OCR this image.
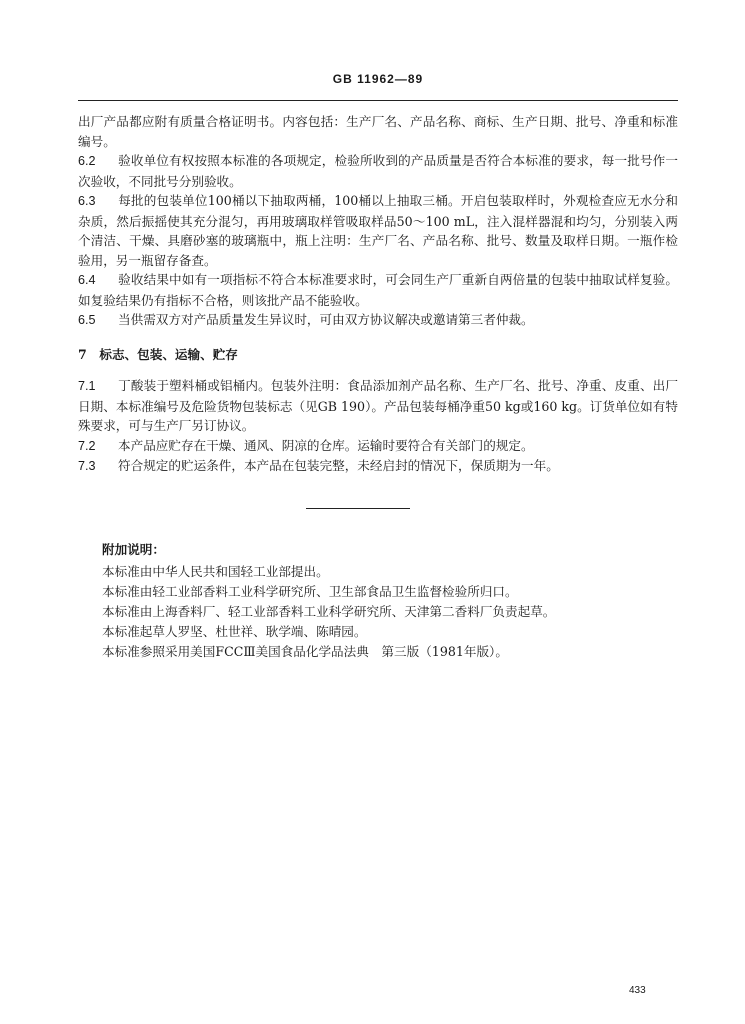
GB 11962—89

出厂产品都应附有质量合格证明书。内容包括：生产厂名、产品名称、商标、生产日期、批号、净重和标准编号。

6.2 验收单位有权按照本标准的各项规定，检验所收到的产品质量是否符合本标准的要求，每一批号作一次验收，不同批号分别验收。

6.3 每批的包装单位100桶以下抽取两桶，100桶以上抽取三桶。开启包装取样时，外观检查应无水分和杂质，然后振摇使其充分混匀，再用玻璃取样管吸取样品50～100 mL，注入混样器混和均匀，分别装入两个清洁、干燥、具磨砂塞的玻璃瓶中，瓶上注明：生产厂名、产品名称、批号、数量及取样日期。一瓶作检验用，另一瓶留存备查。

6.4 验收结果中如有一项指标不符合本标准要求时，可会同生产厂重新自两倍量的包装中抽取试样复验。如复验结果仍有指标不合格，则该批产品不能验收。

6.5 当供需双方对产品质量发生异议时，可由双方协议解决或邀请第三者仲裁。

7　标志、包装、运输、贮存

7.1 丁酸装于塑料桶或铝桶内。包装外注明：食品添加剂产品名称、生产厂名、批号、净重、皮重、出厂日期、本标准编号及危险货物包装标志（见GB 190）。产品包装每桶净重50 kg或160 kg。订货单位如有特殊要求，可与生产厂另订协议。

7.2 本产品应贮存在干燥、通风、阴凉的仓库。运输时要符合有关部门的规定。

7.3 符合规定的贮运条件，本产品在包装完整，未经启封的情况下，保质期为一年。

附加说明：

本标准由中华人民共和国轻工业部提出。

本标准由轻工业部香料工业科学研究所、卫生部食品卫生监督检验所归口。

本标准由上海香料厂、轻工业部香料工业科学研究所、天津第二香料厂负责起草。

本标准起草人罗坚、杜世祥、耿学端、陈晴园。

本标准参照采用美国FCCⅢ美国食品化学品法典　第三版（1981年版）。

433
